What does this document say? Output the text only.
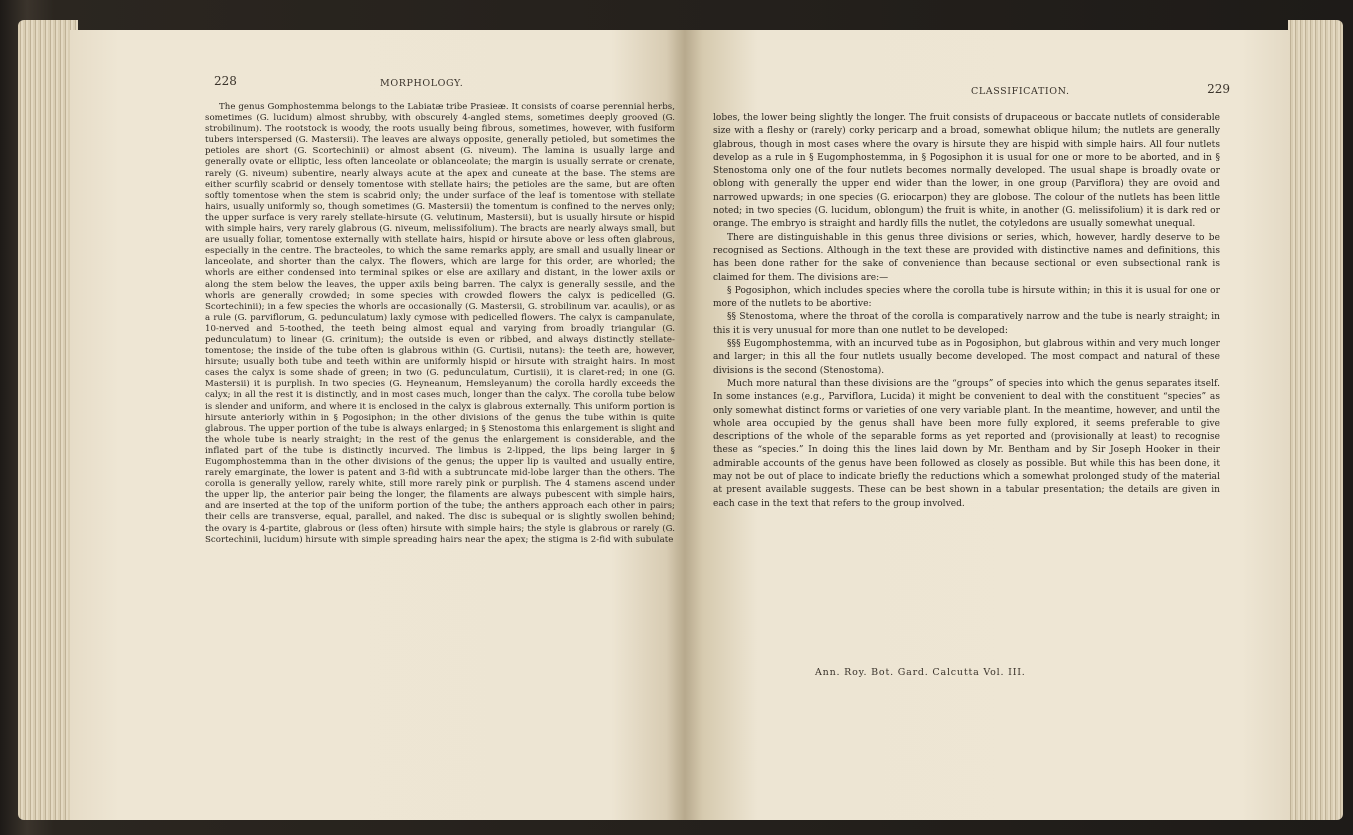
228	MORPHOLOGY.

The genus Gomphostemma belongs to the Labiatæ tribe Prasieæ. It consists of coarse perennial herbs, sometimes (G. lucidum) almost shrubby, with obscurely 4-angled stems, sometimes deeply grooved (G. strobilinum). The rootstock is woody, the roots usually being fibrous, sometimes, however, with fusiform tubers interspersed (G. Mastersii). The leaves are always opposite, generally petioled, but sometimes the petioles are short (G. Scortechinii) or almost absent (G. niveum). The lamina is usually large and generally ovate or elliptic, less often lanceolate or oblanceolate; the margin is usually serrate or crenate, rarely (G. niveum) subentire, nearly always acute at the apex and cuneate at the base. The stems are either scurfily scabrid or densely tomentose with stellate hairs; the petioles are the same, but are often softly tomentose when the stem is scabrid only; the under surface of the leaf is tomentose with stellate hairs, usually uniformly so, though sometimes (G. Mastersii) the tomentum is confined to the nerves only; the upper surface is very rarely stellate-hirsute (G. velutinum, Mastersii), but is usually hirsute or hispid with simple hairs, very rarely glabrous (G. niveum, melissifolium). The bracts are nearly always small, but are usually foliar, tomentose externally with stellate hairs, hispid or hirsute above or less often glabrous, especially in the centre. The bracteoles, to which the same remarks apply, are small and usually linear or lanceolate, and shorter than the calyx. The flowers, which are large for this order, are whorled; the whorls are either condensed into terminal spikes or else are axillary and distant, in the lower axils or along the stem below the leaves, the upper axils being barren. The calyx is generally sessile, and the whorls are generally crowded; in some species with crowded flowers the calyx is pedicelled (G. Scortechinii); in a few species the whorls are occasionally (G. Mastersii, G. strobilinum var. acaulis), or as a rule (G. parviflorum, G. pedunculatum) laxly cymose with pedicelled flowers. The calyx is campanulate, 10-nerved and 5-toothed, the teeth being almost equal and varying from broadly triangular (G. pedunculatum) to linear (G. crinitum); the outside is even or ribbed, and always distinctly stellate-tomentose; the inside of the tube often is glabrous within (G. Curtisii, nutans): the teeth are, however, hirsute; usually both tube and teeth within are uniformly hispid or hirsute with straight hairs. In most cases the calyx is some shade of green; in two (G. pedunculatum, Curtisii), it is claret-red; in one (G. Mastersii) it is purplish. In two species (G. Heyneanum, Hemsleyanum) the corolla hardly exceeds the calyx; in all the rest it is distinctly, and in most cases much, longer than the calyx. The corolla tube below is slender and uniform, and where it is enclosed in the calyx is glabrous externally. This uniform portion is hirsute anteriorly within in § Pogosiphon; in the other divisions of the genus the tube within is quite glabrous. The upper portion of the tube is always enlarged; in § Stenostoma this enlargement is slight and the whole tube is nearly straight; in the rest of the genus the enlargement is considerable, and the inflated part of the tube is distinctly incurved. The limbus is 2-lipped, the lips being larger in § Eugomphostemma than in the other divisions of the genus; the upper lip is vaulted and usually entire, rarely emarginate, the lower is patent and 3-fid with a subtruncate mid-lobe larger than the others. The corolla is generally yellow, rarely white, still more rarely pink or purplish. The 4 stamens ascend under the upper lip, the anterior pair being the longer, the filaments are always pubescent with simple hairs, and are inserted at the top of the uniform portion of the tube; the anthers approach each other in pairs; their cells are transverse, equal, parallel, and naked. The disc is subequal or is slightly swollen behind; the ovary is 4-partite, glabrous or (less often) hirsute with simple hairs; the style is glabrous or rarely (G. Scortechinii, lucidum) hirsute with simple spreading hairs near the apex; the stigma is 2-fid with subulate

229
CLASSIFICATION.

lobes, the lower being slightly the longer. The fruit consists of drupaceous or baccate nutlets of considerable size with a fleshy or (rarely) corky pericarp and a broad, somewhat oblique hilum; the nutlets are generally glabrous, though in most cases where the ovary is hirsute they are hispid with simple hairs. All four nutlets develop as a rule in § Eugomphostemma, in § Pogosiphon it is usual for one or more to be aborted, and in § Stenostoma only one of the four nutlets becomes normally developed. The usual shape is broadly ovate or oblong with generally the upper end wider than the lower, in one group (Parviflora) they are ovoid and narrowed upwards; in one species (G. eriocarpon) they are globose. The colour of the nutlets has been little noted; in two species (G. lucidum, oblongum) the fruit is white, in another (G. melissifolium) it is dark red or orange. The embryo is straight and hardly fills the nutlet, the cotyledons are usually somewhat unequal.

There are distinguishable in this genus three divisions or series, which, however, hardly deserve to be recognised as Sections. Although in the text these are provided with distinctive names and definitions, this has been done rather for the sake of convenience than because sectional or even subsectional rank is claimed for them. The divisions are:—

§ Pogosiphon, which includes species where the corolla tube is hirsute within; in this it is usual for one or more of the nutlets to be abortive:

§§ Stenostoma, where the throat of the corolla is comparatively narrow and the tube is nearly straight; in this it is very unusual for more than one nutlet to be developed:

§§§ Eugomphostemma, with an incurved tube as in Pogosiphon, but glabrous within and very much longer and larger; in this all the four nutlets usually become developed. The most compact and natural of these divisions is the second (Stenostoma).

Much more natural than these divisions are the “groups” of species into which the genus separates itself. In some instances (e.g., Parviflora, Lucida) it might be convenient to deal with the constituent “species” as only somewhat distinct forms or varieties of one very variable plant. In the meantime, however, and until the whole area occupied by the genus shall have been more fully explored, it seems preferable to give descriptions of the whole of the separable forms as yet reported and (provisionally at least) to recognise these as “species.” In doing this the lines laid down by Mr. Bentham and by Sir Joseph Hooker in their admirable accounts of the genus have been followed as closely as possible. But while this has been done, it may not be out of place to indicate briefly the reductions which a somewhat prolonged study of the material at present available suggests. These can be best shown in a tabular presentation; the details are given in each case in the text that refers to the group involved.

Ann. Roy. Bot. Gard. Calcutta Vol. III.
